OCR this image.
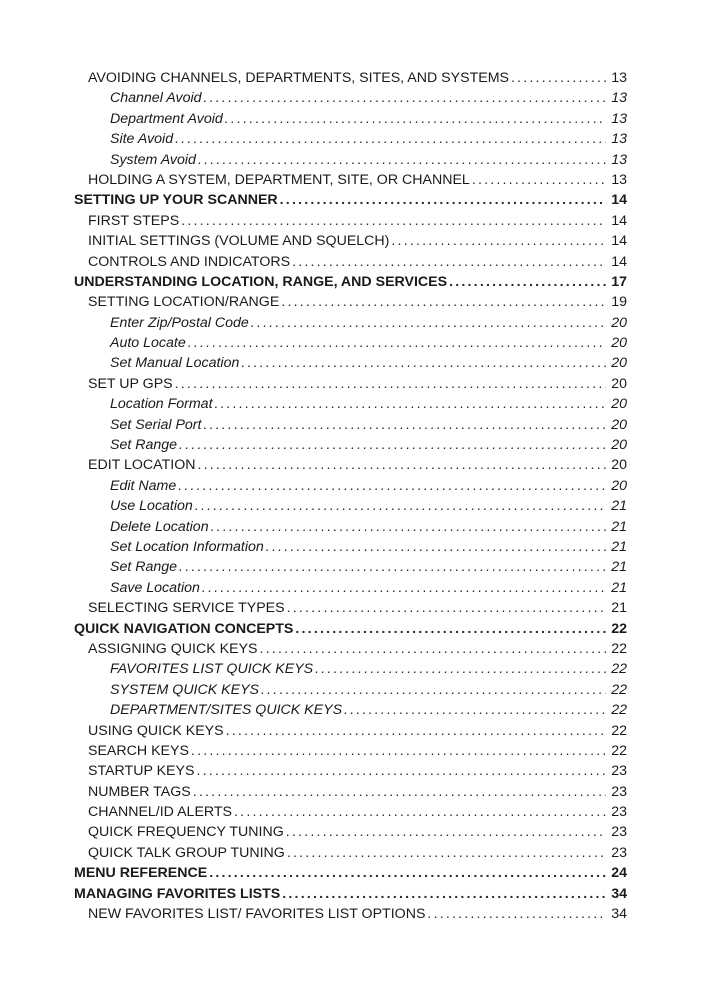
AVOIDING CHANNELS, DEPARTMENTS, SITES, AND SYSTEMS .....	13
Channel Avoid .....	13
Department Avoid .....	13
Site Avoid .....	13
System Avoid .....	13
HOLDING A SYSTEM, DEPARTMENT, SITE, OR CHANNEL .....	13
SETTING UP YOUR SCANNER .....	14
FIRST STEPS .....	14
INITIAL SETTINGS (VOLUME AND SQUELCH) .....	14
CONTROLS AND INDICATORS .....	14
UNDERSTANDING LOCATION, RANGE, AND SERVICES .....	17
SETTING LOCATION/RANGE .....	19
Enter Zip/Postal Code .....	20
Auto Locate .....	20
Set Manual Location .....	20
SET UP GPS .....	20
Location Format .....	20
Set Serial Port .....	20
Set Range .....	20
EDIT LOCATION .....	20
Edit Name .....	20
Use Location .....	21
Delete Location .....	21
Set Location Information .....	21
Set Range .....	21
Save Location .....	21
SELECTING SERVICE TYPES .....	21
QUICK NAVIGATION CONCEPTS .....	22
ASSIGNING QUICK KEYS .....	22
FAVORITES LIST QUICK KEYS .....	22
SYSTEM QUICK KEYS .....	22
DEPARTMENT/SITES QUICK KEYS .....	22
USING QUICK KEYS .....	22
SEARCH KEYS .....	22
STARTUP KEYS .....	23
NUMBER TAGS .....	23
CHANNEL/ID ALERTS .....	23
QUICK FREQUENCY TUNING .....	23
QUICK TALK GROUP TUNING .....	23
MENU REFERENCE .....	24
MANAGING FAVORITES LISTS .....	34
NEW FAVORITES LIST/ FAVORITES LIST OPTIONS .....	34
